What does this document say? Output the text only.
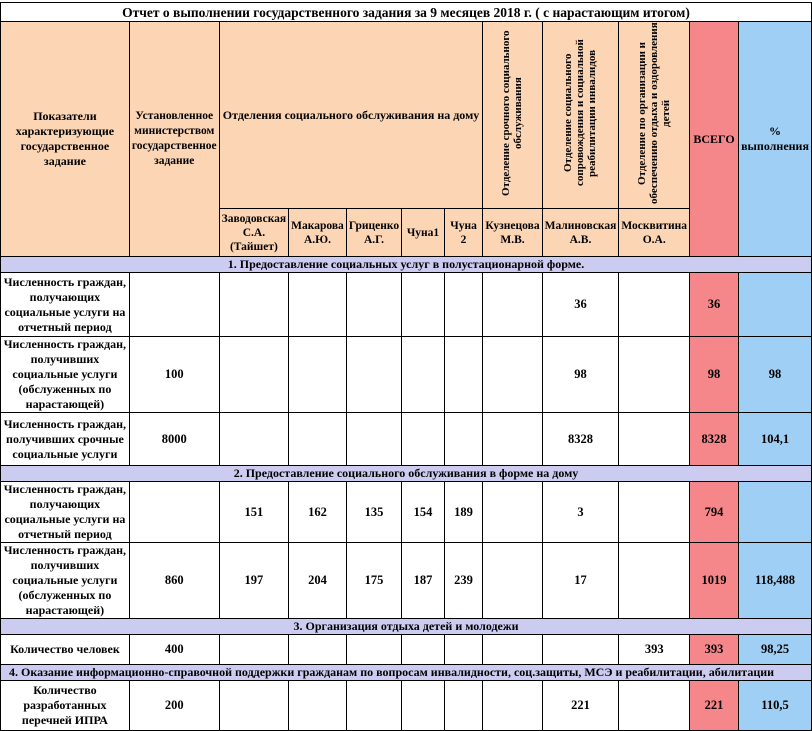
Отчет о выполнении государственного задания за 9 месяцев 2018 г. ( с нарастающим итогом)											
Показатели характеризующие государственное задание	Установленное министерством государственное задание	Отделения социального обслуживания на дому					Отделение срочного социального обслуживания	Отделение социального сопровождения и социальной реабилитации инвалидов	Отделение по организации и обеспечению отдыха и оздоровления детей	ВСЕГО	% выполнения
		Заводовская С.А. (Тайшет)	Макарова А.Ю.	Гриценко А.Г.	Чуна1	Чуна 2	Кузнецова М.В.	Малиновская А.В.	Москвитина О.А.		
1. Предоставление социальных услуг в полустационарной форме.											
Численность граждан, получающих социальные услуги на отчетный период								36		36	
Численность граждан, получивших социальные услуги (обслуженных по нарастающей)	100							98		98	98
Численность граждан, получивших срочные социальные услуги	8000							8328		8328	104,1
2. Предоставление социального обслуживания в форме на дому											
Численность граждан, получающих социальные услуги на отчетный период		151	162	135	154	189		3		794	
Численность граждан, получивших социальные услуги (обслуженных по нарастающей)	860	197	204	175	187	239		17		1019	118,488
3. Организация отдыха детей и молодежи											
Количество человек	400								393	393	98,25
4. Оказание информационно-справочной поддержки гражданам по вопросам инвалидности, соц.защиты, МСЭ и реабилитации, абилитации											
Количество разработанных перечней ИПРА	200							221		221	110,5
